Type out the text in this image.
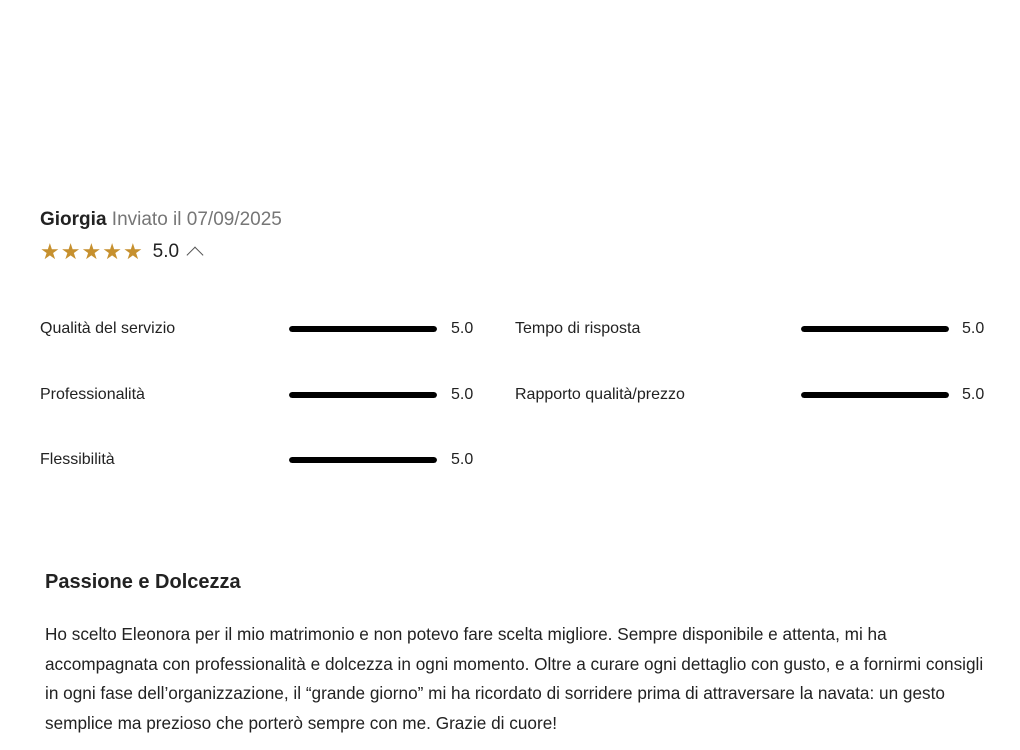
Giorgia Inviato il 07/09/2025
★ ★ ★ ★ ★ 5.0
Qualità del servizio	5.0
Professionalità	5.0
Flessibilità	5.0
Tempo di risposta	5.0
Rapporto qualità/prezzo	5.0
Passione e Dolcezza
Ho scelto Eleonora per il mio matrimonio e non potevo fare scelta migliore. Sempre disponibile e attenta, mi ha accompagnata con professionalità e dolcezza in ogni momento. Oltre a curare ogni dettaglio con gusto, e a fornirmi consigli in ogni fase dell’organizzazione, il “grande giorno” mi ha ricordato di sorridere prima di attraversare la navata: un gesto semplice ma prezioso che porterò sempre con me. Grazie di cuore!
